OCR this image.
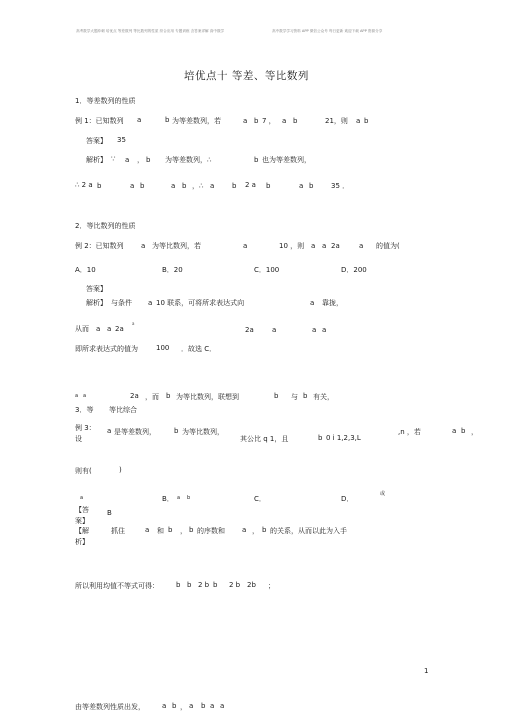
高考数学大题冲刺 培优点 等差数列 等比数列的性质 综合应用 专题训练 含答案详解 高中数学	高中数学学习资料 APP 微信公众号 每日更新 欢迎下载 APP 资源分享
培优点十 等差、等比数列
1．等差数列的性质
例 1：已知数列 a	b 为等差数列，若	a b 7 ， a b	21，则 a b
答案】 35
解析】 ∵ a ， b 为等差数列，∴	b 也为等差数列，
∴ 2 a b	a b	a b ，∴ a	b 2 a b	a b	35 ．
2．等比数列的性质
例 2：已知数列 a 为等比数列，若	a	10 ，则 a a 2a	a 的值为(
A．10	B．20	C．100	D．200
答案】
解析】 与条件 a 10 联系，可将所求表达式向	a 靠拢，
从而 a a 2a
a
2a	a	a a
即所求表达式的值为	100 ．故选 C．
a a	2a ，而 b 为等比数列，联想到	b 与 b 有关，
3．等 等比综合
例 3：
设
a 是等差数列，	b 为等比数列，
其公比 q 1，且	b 0 i 1,2,3,L
,n ，若	a b ，
则有(	)
a	B． a b	C．	D．
或
【答
案】
B
【解
析】
抓住	a 和 b ， b 的序数和 a ， b 的关系，从而以此为入手
所以利用均值不等式可得： b b 2 b b 2 b 2b ；
1
由等差数列性质出发， a b ， a b a a
